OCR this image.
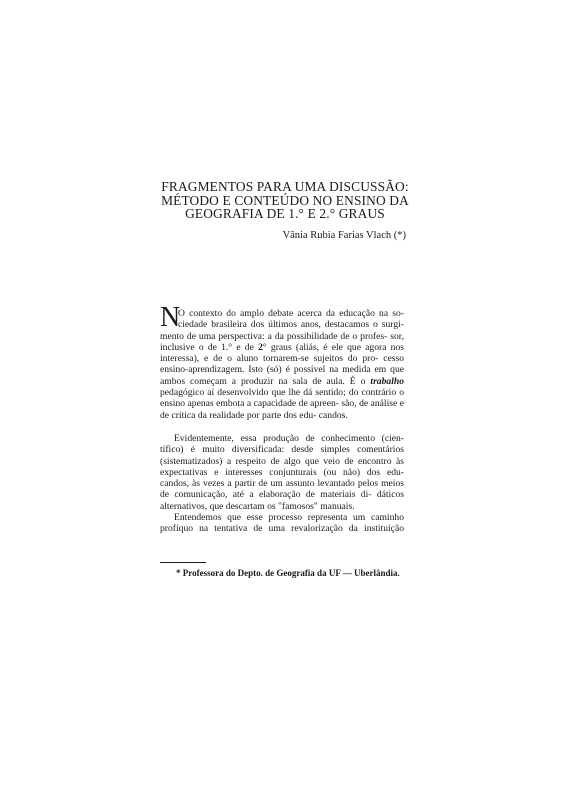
FRAGMENTOS PARA UMA DISCUSSÃO:
MÉTODO E CONTEÚDO NO ENSINO DA
GEOGRAFIA DE 1.° E 2.° GRAUS
Vânia Rubia Farias Vlach (*)
N
O contexto do amplo debate acerca da educação na so-
ciedade brasileira dos últimos anos, destacamos o surgi-

mento de uma perspectiva: a da possibilidade de o profes- sor, inclusive o de 1.° e de 2° graus (aliás, é ele que agora nos interessa), e de o aluno tornarem-se sujeitos do pro- cesso ensino-aprendizagem. Isto (só) é possível na medida em que ambos começam a produzir na sala de aula. É o trabalho pedagógico aí desenvolvido que lhe dá sentido; do contrário o ensino apenas embota a capacidade de apreen- são, de análise e de crítica da realidade por parte dos edu- candos.

Evidentemente, essa produção de conhecimento (cien- tífico) é muito diversificada: desde simples comentários (sistematizados) a respeito de algo que veio de encontro às expectativas e interesses conjunturais (ou não) dos edu- candos, às vezes a partir de um assunto levantado pelos meios de comunicação, até a elaboração de materiais di- dáticos alternativos, que descartam os "famosos" manuais.

Entendemos que esse processo representa um caminho profíquo na tentativa de uma revalorização da instituição

* Professora do Depto. de Geografia da UF — Uberlândia.
